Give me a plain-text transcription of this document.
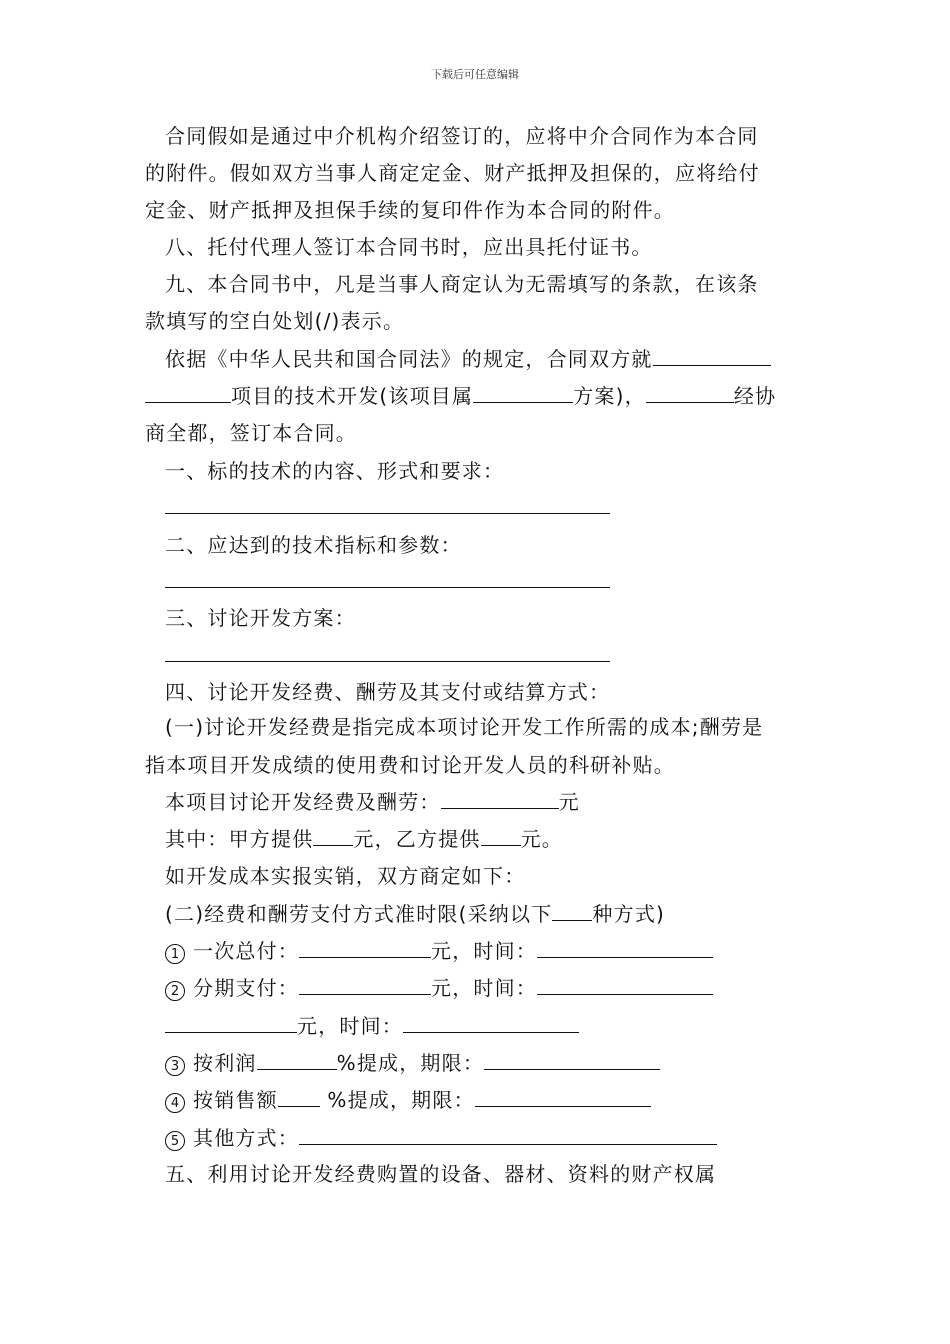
下载后可任意编辑
合同假如是通过中介机构介绍签订的，应将中介合同作为本合同
的附件。假如双方当事人商定定金、财产抵押及担保的，应将给付
定金、财产抵押及担保手续的复印件作为本合同的附件。
八、托付代理人签订本合同书时，应出具托付证书。
九、本合同书中，凡是当事人商定认为无需填写的条款，在该条
款填写的空白处划(/)表示。
依据《中华人民共和国合同法》的规定，合同双方就
项目的技术开发(该项目属	方案)，	经协
商全都，签订本合同。
一、标的技术的内容、形式和要求：
二、应达到的技术指标和参数：
三、讨论开发方案：
四、讨论开发经费、酬劳及其支付或结算方式：
(一)讨论开发经费是指完成本项讨论开发工作所需的成本;酬劳是
指本项目开发成绩的使用费和讨论开发人员的科研补贴。
本项目讨论开发经费及酬劳：	元
其中：甲方提供 元，乙方提供 元。
如开发成本实报实销，双方商定如下：
(二)经费和酬劳支付方式准时限(采纳以下 种方式)
1 一次总付：	元，时间：
2 分期支付：	元，时间：
元，时间：
3 按利润	%提成，期限：
4 按销售额 %提成，期限：
5 其他方式：
五、利用讨论开发经费购置的设备、器材、资料的财产权属
